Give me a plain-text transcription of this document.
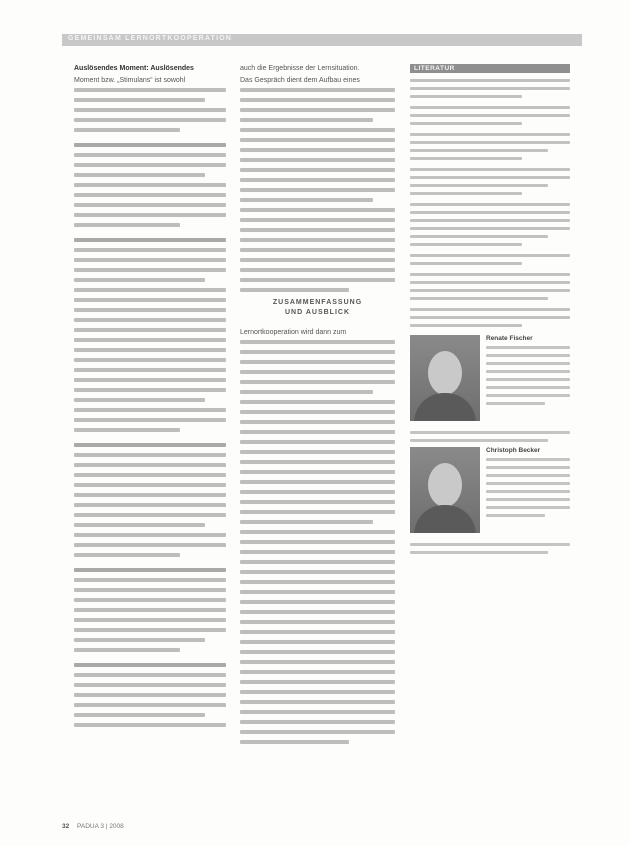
GEMEINSAM LERNORTKOOPERATION

Auslösendes Moment: Auslösendes

Moment bzw. „Stimulans“ ist sowohl

auch die Ergebnisse der Lernsituation.

Das Gespräch dient dem Aufbau eines

ZUSAMMENFASSUNG
UND AUSBLICK

Lernortkooperation wird dann zum

LITERATUR
Renate Fischer
Christoph Becker
32 PADUA 3 | 2008
